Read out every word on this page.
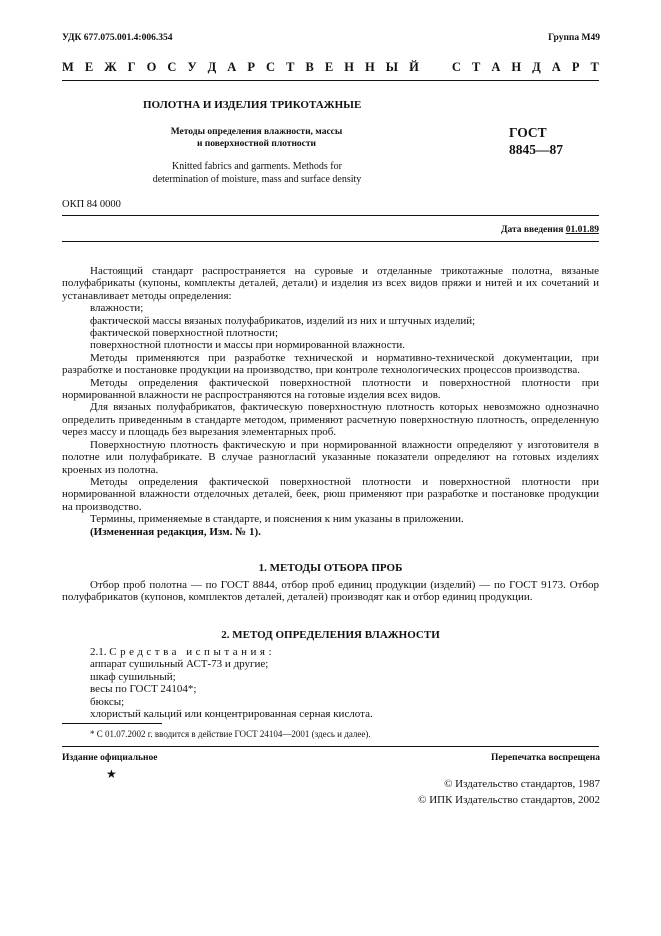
УДК 677.075.001.4:006.354	Группа М49
М Е Ж Г О С У Д А Р С Т В Е Н Н Ы Й	С Т А Н Д А Р Т
ПОЛОТНА И ИЗДЕЛИЯ ТРИКОТАЖНЫЕ
Методы определения влажности, массы
и поверхностной плотности
Knitted fabrics and garments. Methods for
determination of moisture, mass and surface density
ГОСТ
8845—87
ОКП 84 0000
Дата введения 01.01.89

Настоящий стандарт распространяется на суровые и отделанные трикотажные полотна, вязаные полуфабрикаты (купоны, комплекты деталей, детали) и изделия из всех видов пряжи и нитей и их сочетаний и устанавливает методы определения:

влажности;

фактической массы вязаных полуфабрикатов, изделий из них и штучных изделий;

фактической поверхностной плотности;

поверхностной плотности и массы при нормированной влажности.

Методы применяются при разработке технической и нормативно-технической документации, при разработке и постановке продукции на производство, при контроле технологических процессов производства.

Методы определения фактической поверхностной плотности и поверхностной плотности при нормированной влажности не распространяются на готовые изделия всех видов.

Для вязаных полуфабрикатов, фактическую поверхностную плотность которых невозможно однозначно определить приведенным в стандарте методом, применяют расчетную поверхностную плотность, определенную через массу и площадь без вырезания элементарных проб.

Поверхностную плотность фактическую и при нормированной влажности определяют у изготовителя в полотне или полуфабрикате. В случае разногласий указанные показатели определяют на готовых изделиях кроеных из полотна.

Методы определения фактической поверхностной плотности и поверхностной плотности при нормированной влажности отделочных деталей, беек, рюш применяют при разработке и постановке продукции на производство.

Термины, применяемые в стандарте, и пояснения к ним указаны в приложении.

(Измененная редакция, Изм. № 1).

1. МЕТОДЫ ОТБОРА ПРОБ

Отбор проб полотна — по ГОСТ 8844, отбор проб единиц продукции (изделий) — по ГОСТ 9173. Отбор полуфабрикатов (купонов, комплектов деталей, деталей) производят как и отбор единиц продукции.

2. МЕТОД ОПРЕДЕЛЕНИЯ ВЛАЖНОСТИ

2.1. Средства испытания:

аппарат сушильный АСТ-73 и другие;

шкаф сушильный;

весы по ГОСТ 24104*;

бюксы;

хлористый кальций или концентрированная серная кислота.

* С 01.07.2002 г. вводится в действие ГОСТ 24104—2001 (здесь и далее).
Издание официальное
★
Перепечатка воспрещена
© Издательство стандартов, 1987
© ИПК Издательство стандартов, 2002
